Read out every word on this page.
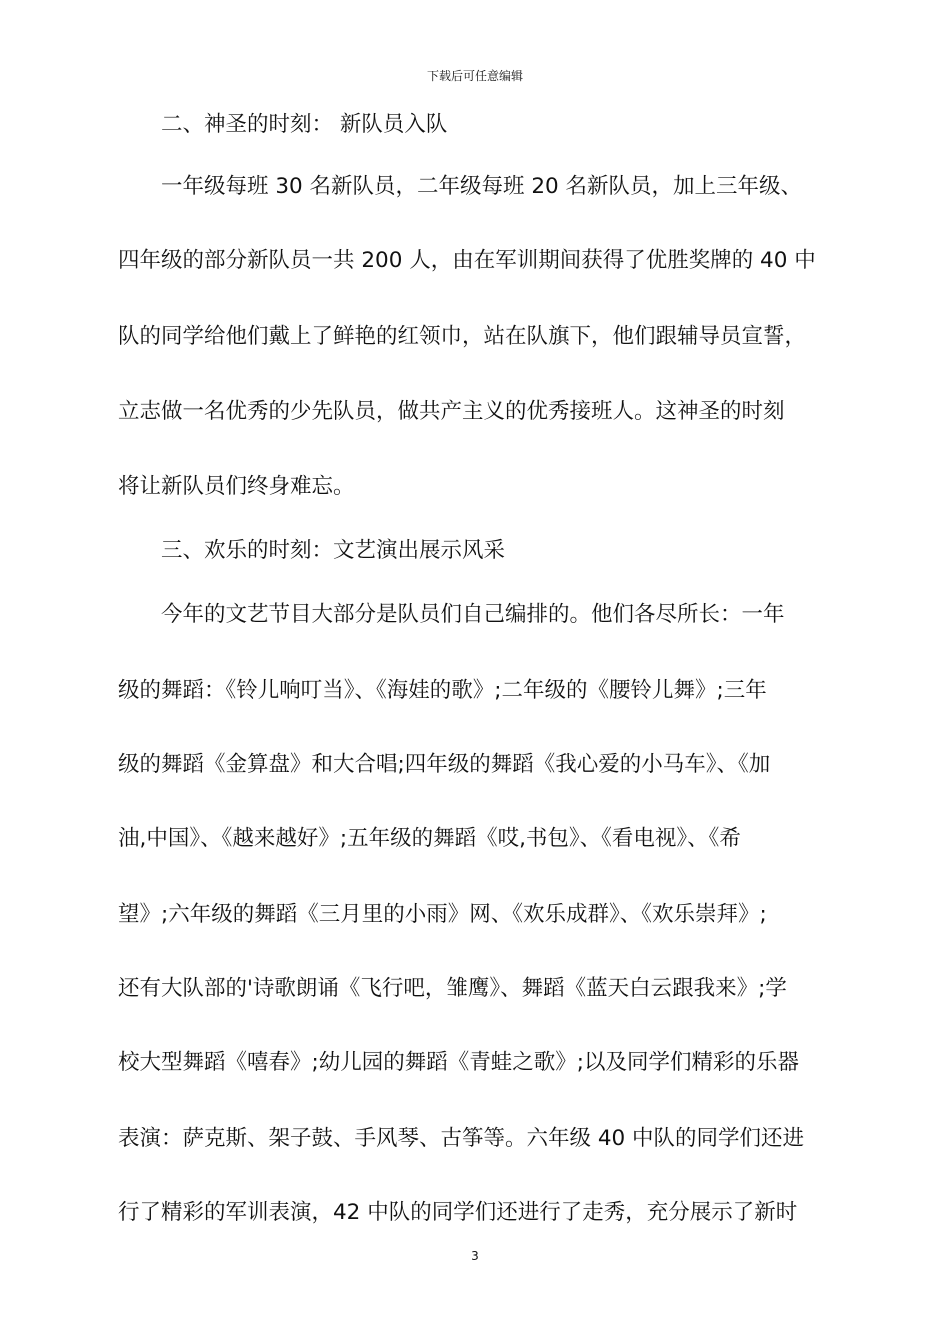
下载后可任意编辑
　　二、神圣的时刻： 新队员入队
　　一年级每班 30 名新队员，二年级每班 20 名新队员，加上三年级、
四年级的部分新队员一共 200 人，由在军训期间获得了优胜奖牌的 40 中
队的同学给他们戴上了鲜艳的红领巾，站在队旗下，他们跟辅导员宣誓，
立志做一名优秀的少先队员，做共产主义的优秀接班人。这神圣的时刻
将让新队员们终身难忘。
　　三、欢乐的时刻：文艺演出展示风采
　　今年的文艺节目大部分是队员们自己编排的。他们各尽所长：一年
级的舞蹈：《铃儿响叮当》、《海娃的歌》;二年级的《腰铃儿舞》;三年
级的舞蹈《金算盘》和大合唱;四年级的舞蹈《我心爱的小马车》、《加
油,中国》、《越来越好》;五年级的舞蹈《哎,书包》、《看电视》、《希
望》;六年级的舞蹈《三月里的小雨》网、《欢乐成群》、《欢乐崇拜》;
还有大队部的'诗歌朗诵《飞行吧，雏鹰》、舞蹈《蓝天白云跟我来》;学
校大型舞蹈《嘻春》;幼儿园的舞蹈《青蛙之歌》;以及同学们精彩的乐器
表演：萨克斯、架子鼓、手风琴、古筝等。六年级 40 中队的同学们还进
行了精彩的军训表演，42 中队的同学们还进行了走秀，充分展示了新时
3
